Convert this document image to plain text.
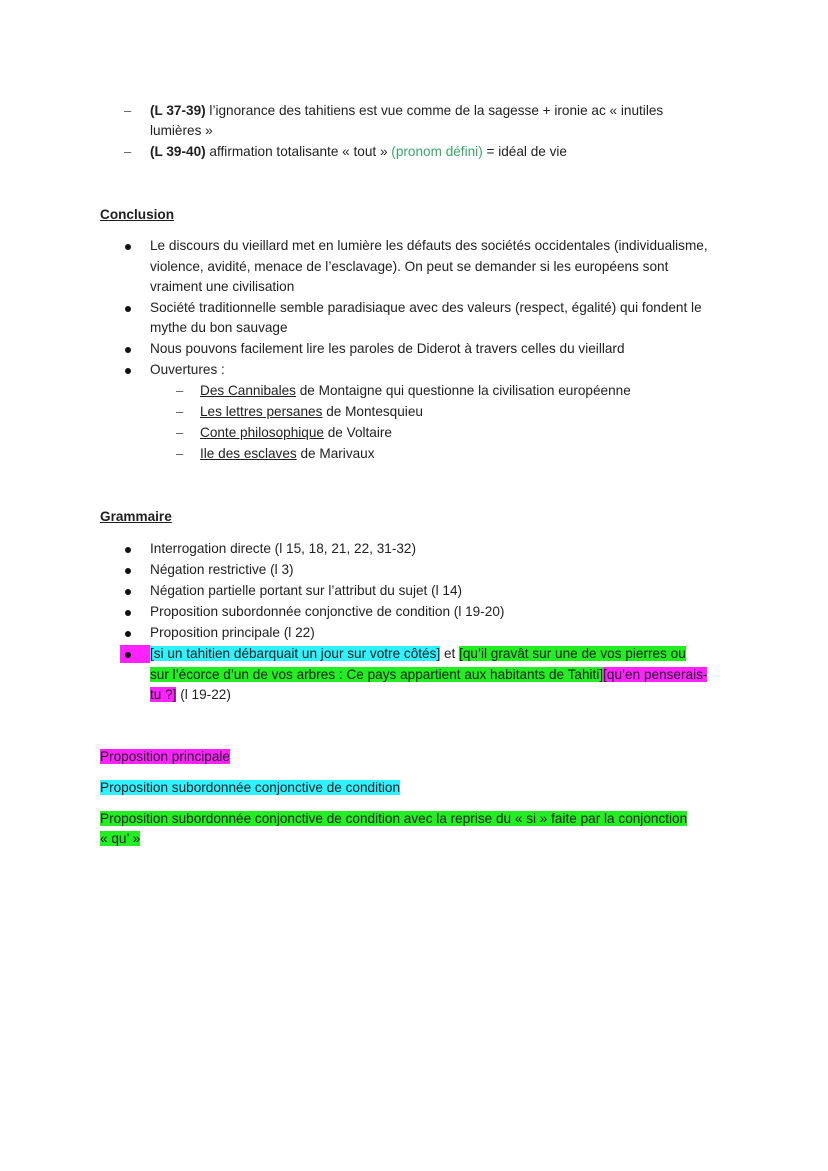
– (L 37-39) l’ignorance des tahitiens est vue comme de la sagesse + ironie ac « inutiles
lumières »
– (L 39-40) affirmation totalisante « tout » (pronom défini) = idéal de vie
Conclusion
Le discours du vieillard met en lumière les défauts des sociétés occidentales (individualisme,
violence, avidité, menace de l’esclavage). On peut se demander si les européens sont
vraiment une civilisation
Société traditionnelle semble paradisiaque avec des valeurs (respect, égalité) qui fondent le
mythe du bon sauvage
Nous pouvons facilement lire les paroles de Diderot à travers celles du vieillard
Ouvertures :
– Des Cannibales de Montaigne qui questionne la civilisation européenne
– Les lettres persanes de Montesquieu
– Conte philosophique de Voltaire
– Ile des esclaves de Marivaux
Grammaire
Interrogation directe (l 15, 18, 21, 22, 31-32)
Négation restrictive (l 3)
Négation partielle portant sur l’attribut du sujet (l 14)
Proposition subordonnée conjonctive de condition (l 19-20)
Proposition principale (l 22)
[si un tahitien débarquait un jour sur votre côtés] et [qu’il gravât sur une de vos pierres ou
sur l’écorce d’un de vos arbres : Ce pays appartient aux habitants de Tahiti][qu’en penserais-
tu ?] (l 19-22)
Proposition principale
Proposition subordonnée conjonctive de condition
Proposition subordonnée conjonctive de condition avec la reprise du « si » faite par la conjonction
« qu’ »
